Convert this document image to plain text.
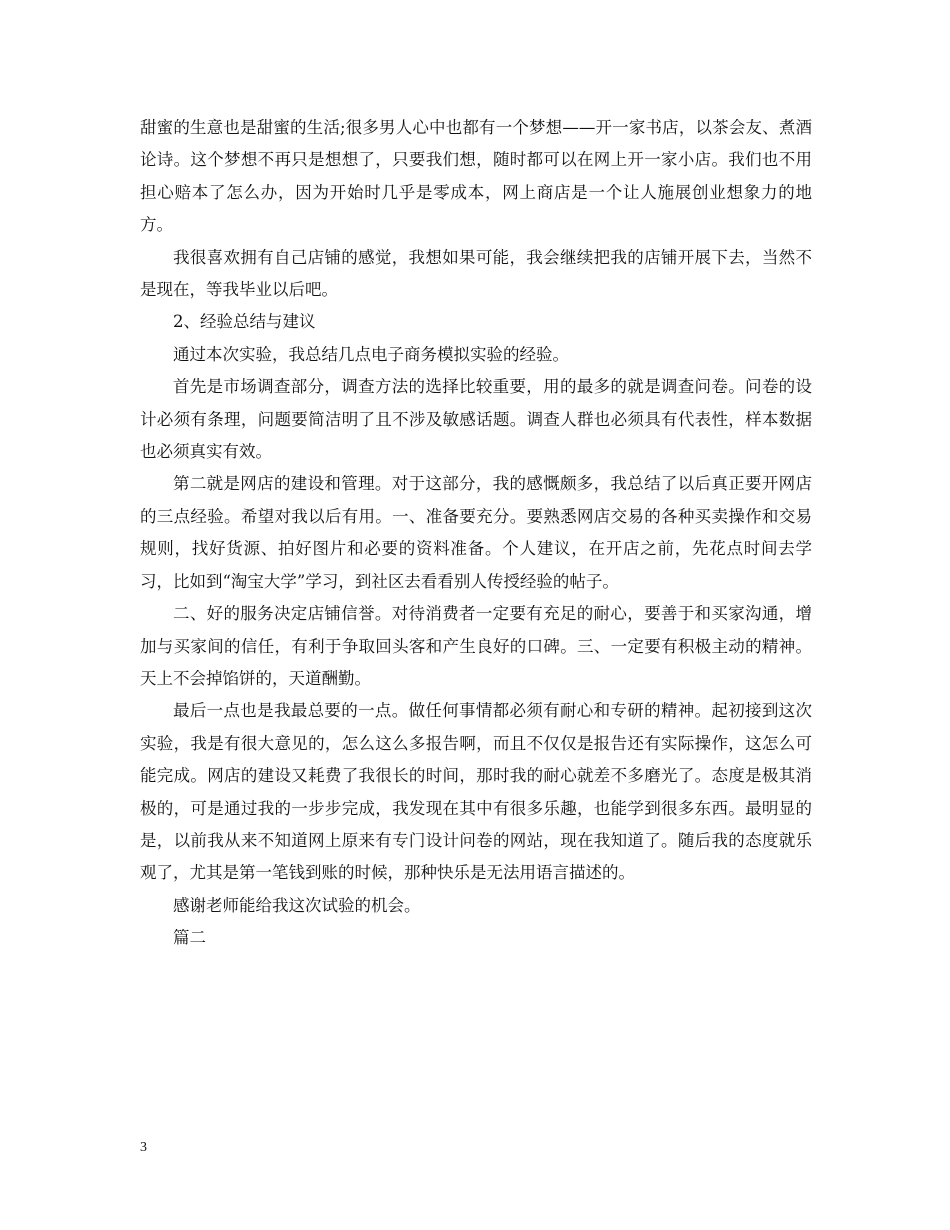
甜蜜的生意也是甜蜜的生活;很多男人心中也都有一个梦想——开一家书店，以茶会友、煮酒论诗。这个梦想不再只是想想了，只要我们想，随时都可以在网上开一家小店。我们也不用担心赔本了怎么办，因为开始时几乎是零成本，网上商店是一个让人施展创业想象力的地方。

我很喜欢拥有自己店铺的感觉，我想如果可能，我会继续把我的店铺开展下去，当然不是现在，等我毕业以后吧。

2、经验总结与建议

通过本次实验，我总结几点电子商务模拟实验的经验。

首先是市场调查部分，调查方法的选择比较重要，用的最多的就是调查问卷。问卷的设计必须有条理，问题要简洁明了且不涉及敏感话题。调查人群也必须具有代表性，样本数据也必须真实有效。

第二就是网店的建设和管理。对于这部分，我的感慨颇多，我总结了以后真正要开网店的三点经验。希望对我以后有用。一、准备要充分。要熟悉网店交易的各种买卖操作和交易规则，找好货源、拍好图片和必要的资料准备。个人建议，在开店之前，先花点时间去学习，比如到“淘宝大学”学习，到社区去看看别人传授经验的帖子。

二、好的服务决定店铺信誉。对待消费者一定要有充足的耐心，要善于和买家沟通，增加与买家间的信任，有利于争取回头客和产生良好的口碑。三、一定要有积极主动的精神。天上不会掉馅饼的，天道酬勤。

最后一点也是我最总要的一点。做任何事情都必须有耐心和专研的精神。起初接到这次实验，我是有很大意见的，怎么这么多报告啊，而且不仅仅是报告还有实际操作，这怎么可能完成。网店的建设又耗费了我很长的时间，那时我的耐心就差不多磨光了。态度是极其消极的，可是通过我的一步步完成，我发现在其中有很多乐趣，也能学到很多东西。最明显的是，以前我从来不知道网上原来有专门设计问卷的网站，现在我知道了。随后我的态度就乐观了，尤其是第一笔钱到账的时候，那种快乐是无法用语言描述的。

感谢老师能给我这次试验的机会。

篇二

3
